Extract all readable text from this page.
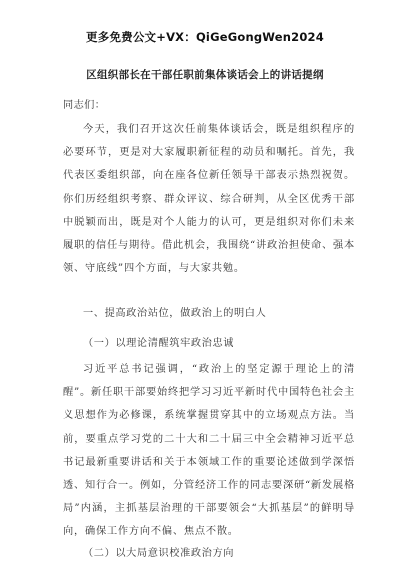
更多免费公文+VX：QiGeGongWen2024
区组织部长在干部任职前集体谈话会上的讲话提纲
同志们：

今天，我们召开这次任前集体谈话会，既是组织程序的必要环节，更是对大家履职新征程的动员和嘱托。首先，我代表区委组织部，向在座各位新任领导干部表示热烈祝贺。你们历经组织考察、群众评议、综合研判，从全区优秀干部中脱颖而出，既是对个人能力的认可，更是组织对你们未来履职的信任与期待。借此机会，我围绕“讲政治担使命、强本领、守底线”四个方面，与大家共勉。

一、提高政治站位，做政治上的明白人
（一）以理论清醒筑牢政治忠诚

习近平总书记强调，“政治上的坚定源于理论上的清醒”。新任职干部要始终把学习习近平新时代中国特色社会主义思想作为必修课，系统掌握贯穿其中的立场观点方法。当前，要重点学习党的二十大和二十届三中全会精神习近平总书记最新重要讲话和关于本领域工作的重要论述做到学深悟透、知行合一。例如，分管经济工作的同志要深研“新发展格局”内涵，主抓基层治理的干部要领会“大抓基层”的鲜明导向，确保工作方向不偏、焦点不散。

（二）以大局意识校准政治方向
